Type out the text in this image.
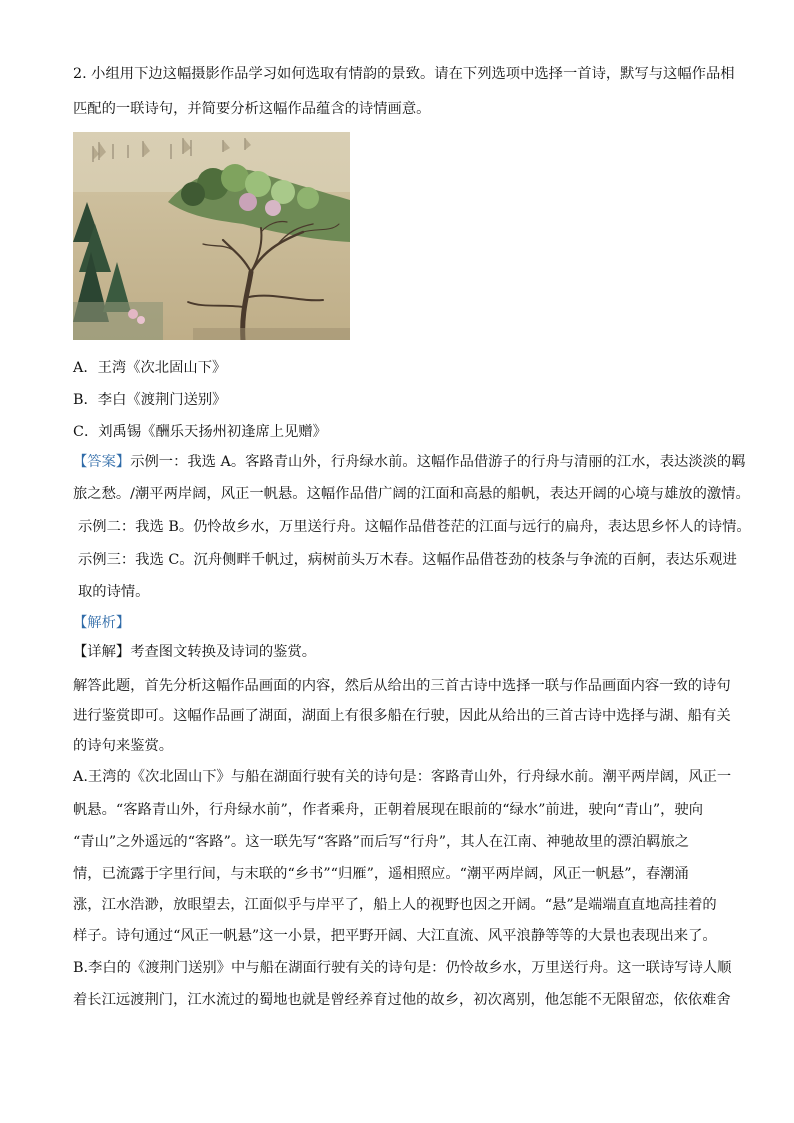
2. 小组用下边这幅摄影作品学习如何选取有情韵的景致。请在下列选项中选择一首诗，默写与这幅作品相
匹配的一联诗句，并简要分析这幅作品蕴含的诗情画意。
A．王湾《次北固山下》
B．李白《渡荆门送别》
C．刘禹锡《酬乐天扬州初逢席上见赠》
【答案】示例一：我选 A。客路青山外，行舟绿水前。这幅作品借游子的行舟与清丽的江水，表达淡淡的羁
旅之愁。/潮平两岸阔，风正一帆悬。这幅作品借广阔的江面和高悬的船帆，表达开阔的心境与雄放的激情。
示例二：我选 B。仍怜故乡水，万里送行舟。这幅作品借苍茫的江面与远行的扁舟，表达思乡怀人的诗情。
示例三：我选 C。沉舟侧畔千帆过，病树前头万木春。这幅作品借苍劲的枝条与争流的百舸，表达乐观进
取的诗情。
【解析】
【详解】考查图文转换及诗词的鉴赏。
解答此题，首先分析这幅作品画面的内容，然后从给出的三首古诗中选择一联与作品画面内容一致的诗句
进行鉴赏即可。这幅作品画了湖面，湖面上有很多船在行驶，因此从给出的三首古诗中选择与湖、船有关
的诗句来鉴赏。
A.王湾的《次北固山下》与船在湖面行驶有关的诗句是：客路青山外，行舟绿水前。潮平两岸阔，风正一
帆悬。“客路青山外，行舟绿水前”，作者乘舟，正朝着展现在眼前的“绿水”前进，驶向“青山”，驶向
“青山”之外遥远的“客路”。这一联先写“客路”而后写“行舟”，其人在江南、神驰故里的漂泊羁旅之
情，已流露于字里行间，与末联的“乡书”“归雁”，遥相照应。“潮平两岸阔，风正一帆悬”，春潮涌
涨，江水浩渺，放眼望去，江面似乎与岸平了，船上人的视野也因之开阔。“悬”是端端直直地高挂着的
样子。诗句通过“风正一帆悬”这一小景，把平野开阔、大江直流、风平浪静等等的大景也表现出来了。
B.李白的《渡荆门送别》中与船在湖面行驶有关的诗句是：仍怜故乡水，万里送行舟。这一联诗写诗人顺
着长江远渡荆门，江水流过的蜀地也就是曾经养育过他的故乡，初次离别，他怎能不无限留恋，依依难舍
